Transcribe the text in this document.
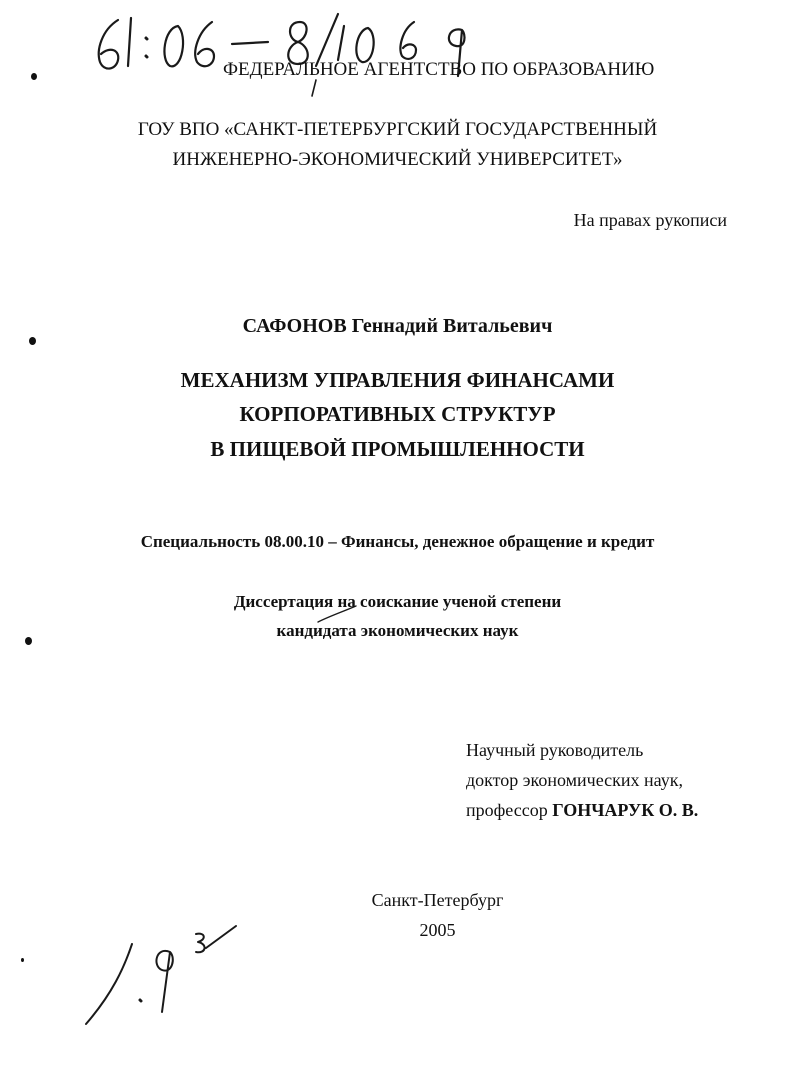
ФЕДЕРАЛЬНОЕ АГЕНТСТВО ПО ОБРАЗОВАНИЮ

ГОУ ВПО «САНКТ-ПЕТЕРБУРГСКИЙ ГОСУДАРСТВЕННЫЙ

ИНЖЕНЕРНО-ЭКОНОМИЧЕСКИЙ УНИВЕРСИТЕТ»

На правах рукописи

САФОНОВ Геннадий Витальевич

МЕХАНИЗМ УПРАВЛЕНИЯ ФИНАНСАМИ

КОРПОРАТИВНЫХ СТРУКТУР

В ПИЩЕВОЙ ПРОМЫШЛЕННОСТИ

Специальность 08.00.10 – Финансы, денежное обращение и кредит

Диссертация на соискание ученой степени

кандидата экономических наук

Научный руководитель

доктор экономических наук,

профессор ГОНЧАРУК О. В.

Санкт-Петербург

2005
